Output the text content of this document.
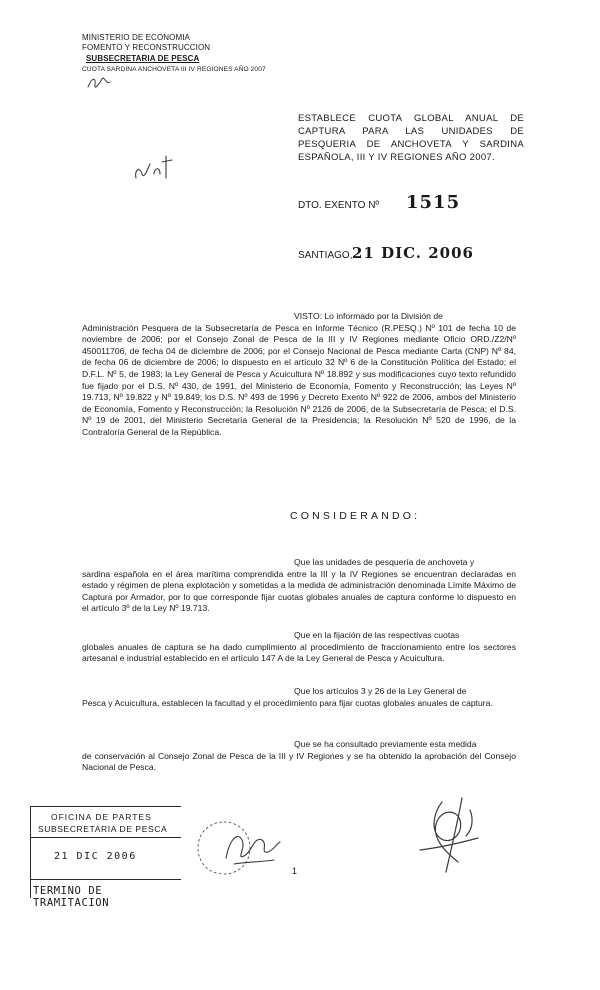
MINISTERIO DE ECONOMIA
FOMENTO Y RECONSTRUCCION
SUBSECRETARIA DE PESCA
CUOTA SARDINA ANCHOVETA III IV REGIONES AÑO 2007
ESTABLECE CUOTA GLOBAL ANUAL DE CAPTURA PARA LAS UNIDADES DE PESQUERIA DE ANCHOVETA Y SARDINA ESPAÑOLA, III Y IV REGIONES AÑO 2007.
DTO. EXENTO Nº 1515
SANTIAGO, 21 DIC. 2006
VISTO: Lo informado por la División de
Administración Pesquera de la Subsecretaría de Pesca en Informe Técnico (R.PESQ.) Nº 101 de fecha 10 de noviembre de 2006; por el Consejo Zonal de Pesca de la III y IV Regiones mediante Oficio ORD./Z2/Nº 450011706, de fecha 04 de diciembre de 2006; por el Consejo Nacional de Pesca mediante Carta (CNP) Nº 84, de fecha 06 de diciembre de 2006; lo dispuesto en el artículo 32 Nº 6 de la Constitución Política del Estado; el D.F.L. Nº 5, de 1983; la Ley General de Pesca y Acuicultura Nº 18.892 y sus modificaciones cuyo texto refundido fue fijado por el D.S. Nº 430, de 1991, del Ministerio de Economía, Fomento y Reconstrucción; las Leyes Nº 19.713, Nº 19.822 y Nº 19.849; los D.S. Nº 493 de 1996 y Decreto Exento Nº 922 de 2006, ambos del Ministerio de Economía, Fomento y Reconstrucción; la Resolución Nº 2126 de 2006, de la Subsecretaría de Pesca; el D.S. Nº 19 de 2001, del Ministerio Secretaría General de la Presidencia; la Resolución Nº 520 de 1996, de la Contraloría General de la República.
CONSIDERANDO:
Que las unidades de pesquería de anchoveta y
sardina española en el área marítima comprendida entre la III y la IV Regiones se encuentran declaradas en estado y régimen de plena explotación y sometidas a la medida de administración denominada Límite Máximo de Captura por Armador, por lo que corresponde fijar cuotas globales anuales de captura conforme lo dispuesto en el artículo 3º de la Ley Nº 19.713.
Que en la fijación de las respectivas cuotas
globales anuales de captura se ha dado cumplimiento al procedimiento de fraccionamiento entre los sectores artesanal e industrial establecido en el artículo 147 A de la Ley General de Pesca y Acuicultura.
Que los artículos 3 y 26 de la Ley General de
Pesca y Acuicultura, establecen la facultad y el procedimiento para fijar cuotas globales anuales de captura.
Que se ha consultado previamente esta medida
de conservación al Consejo Zonal de Pesca de la III y IV Regiones y se ha obtenido la aprobación del Consejo Nacional de Pesca.
OFICINA DE PARTES
SUBSECRETARIA DE PESCA
21 DIC 2006
TERMINO DE TRAMITACION
1
